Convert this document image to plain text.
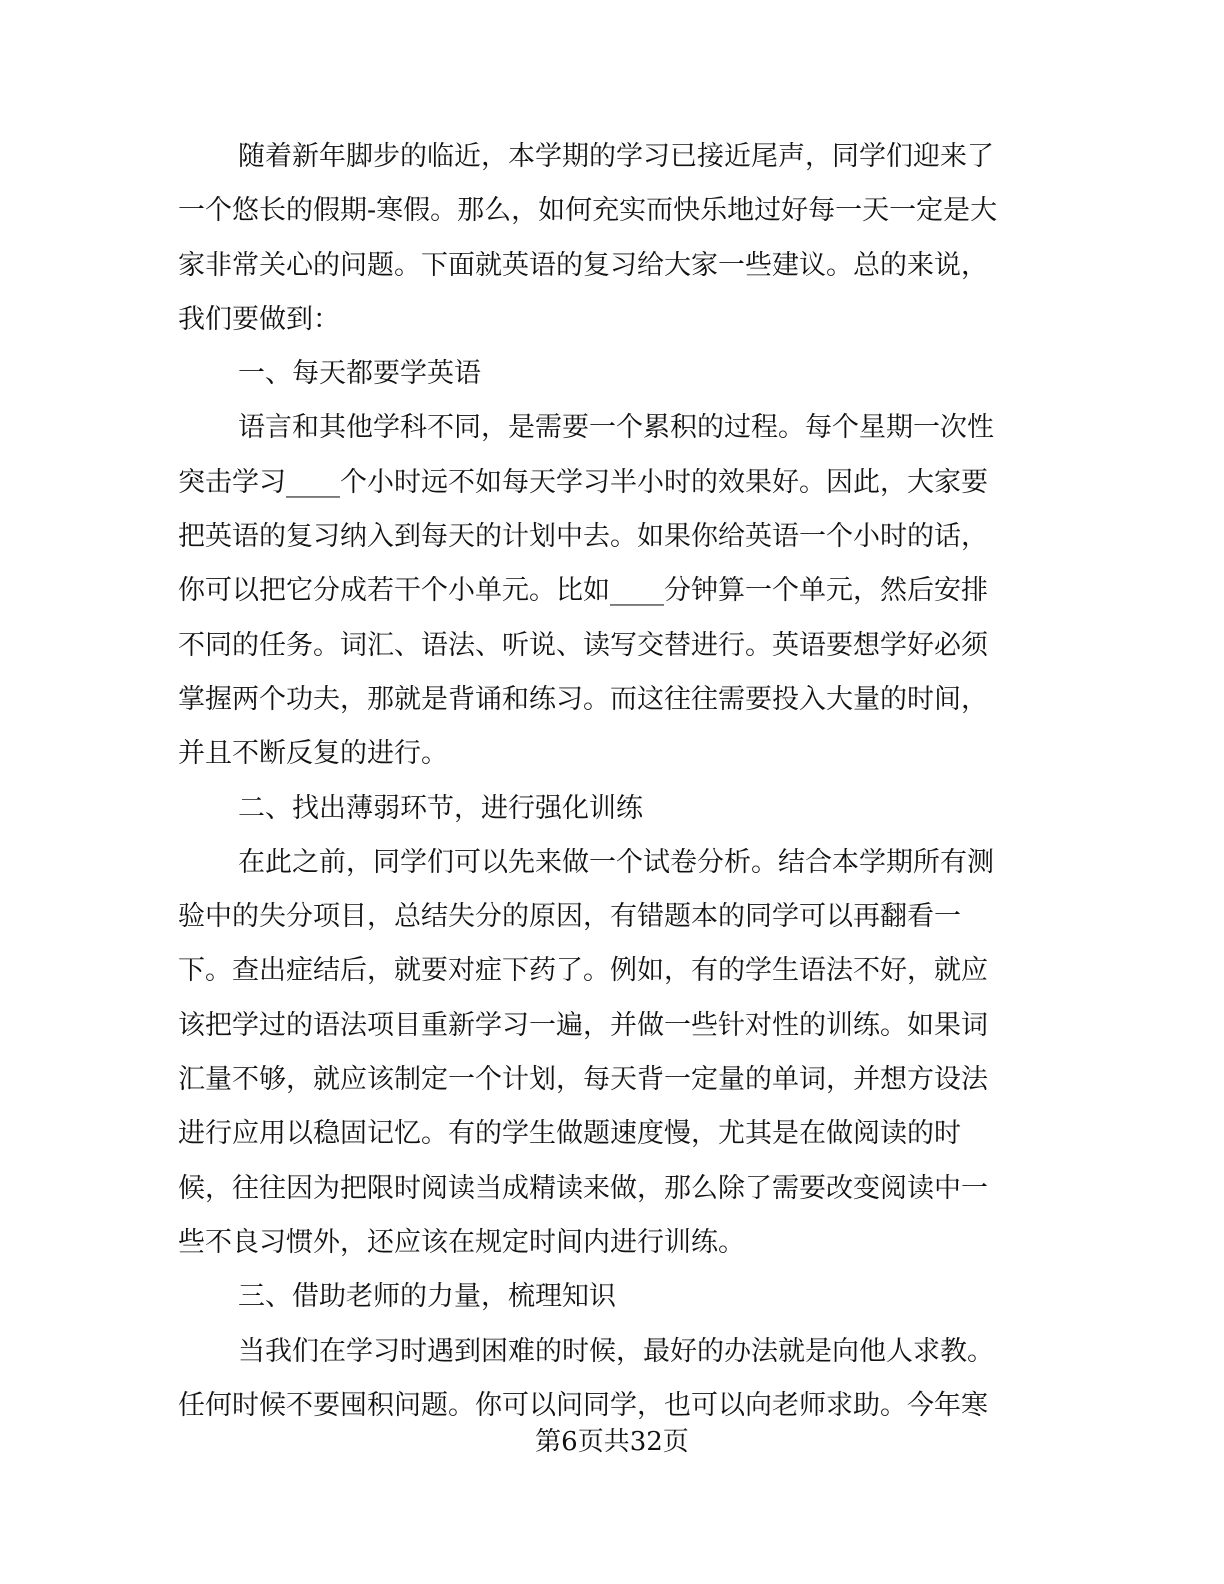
随着新年脚步的临近，本学期的学习已接近尾声，同学们迎来了
一个悠长的假期-寒假。那么，如何充实而快乐地过好每一天一定是大
家非常关心的问题。下面就英语的复习给大家一些建议。总的来说，
我们要做到：

一、每天都要学英语

语言和其他学科不同，是需要一个累积的过程。每个星期一次性
突击学习____个小时远不如每天学习半小时的效果好。因此，大家要
把英语的复习纳入到每天的计划中去。如果你给英语一个小时的话，
你可以把它分成若干个小单元。比如____分钟算一个单元，然后安排
不同的任务。词汇、语法、听说、读写交替进行。英语要想学好必须
掌握两个功夫，那就是背诵和练习。而这往往需要投入大量的时间，
并且不断反复的进行。

二、找出薄弱环节，进行强化训练

在此之前，同学们可以先来做一个试卷分析。结合本学期所有测
验中的失分项目，总结失分的原因，有错题本的同学可以再翻看一
下。查出症结后，就要对症下药了。例如，有的学生语法不好，就应
该把学过的语法项目重新学习一遍，并做一些针对性的训练。如果词
汇量不够，就应该制定一个计划，每天背一定量的单词，并想方设法
进行应用以稳固记忆。有的学生做题速度慢，尤其是在做阅读的时
候，往往因为把限时阅读当成精读来做，那么除了需要改变阅读中一
些不良习惯外，还应该在规定时间内进行训练。

三、借助老师的力量，梳理知识

当我们在学习时遇到困难的时候，最好的办法就是向他人求教。
任何时候不要囤积问题。你可以问同学，也可以向老师求助。今年寒

第6页共32页
